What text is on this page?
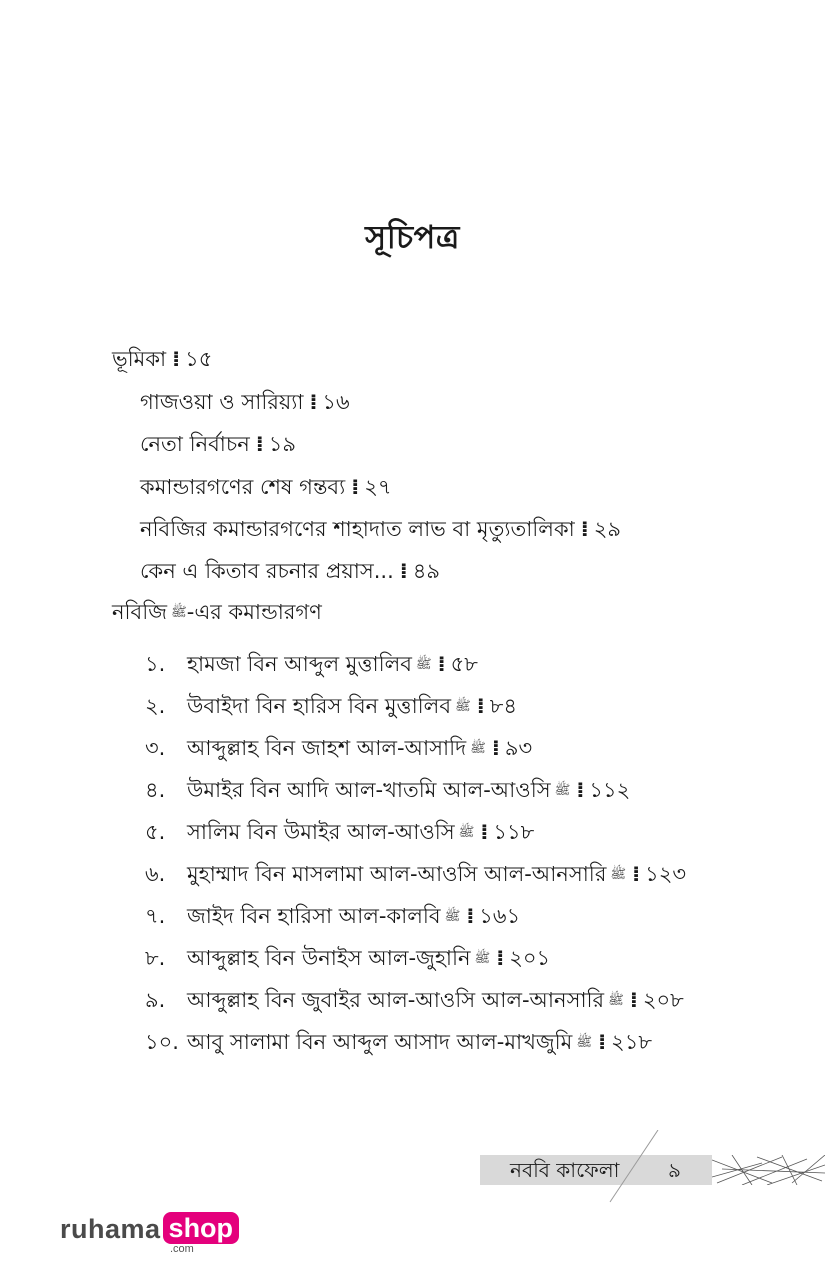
সূচিপত্র
ভূমিকা ⁞ ১৫
গাজওয়া ও সারিয়্যা ⁞ ১৬
নেতা নির্বাচন ⁞ ১৯
কমান্ডারগণের শেষ গন্তব্য ⁞ ২৭
নবিজির কমান্ডারগণের শাহাদাত লাভ বা মৃত্যুতালিকা ⁞ ২৯
কেন এ কিতাব রচনার প্রয়াস... ⁞ ৪৯
নবিজি ﷺ-এর কমান্ডারগণ
১. হামজা বিন আব্দুল মুত্তালিব ﷺ ⁞ ৫৮
২. উবাইদা বিন হারিস বিন মুত্তালিব ﷺ ⁞ ৮৪
৩. আব্দুল্লাহ বিন জাহশ আল-আসাদি ﷺ ⁞ ৯৩
৪. উমাইর বিন আদি আল-খাতমি আল-আওসি ﷺ ⁞ ১১২
৫. সালিম বিন উমাইর আল-আওসি ﷺ ⁞ ১১৮
৬. মুহাম্মাদ বিন মাসলামা আল-আওসি আল-আনসারি ﷺ ⁞ ১২৩
৭. জাইদ বিন হারিসা আল-কালবি ﷺ ⁞ ১৬১
৮. আব্দুল্লাহ বিন উনাইস আল-জুহানি ﷺ ⁞ ২০১
৯. আব্দুল্লাহ বিন জুবাইর আল-আওসি আল-আনসারি ﷺ ⁞ ২০৮
১০. আবু সালামা বিন আব্দুল আসাদ আল-মাখজুমি ﷺ ⁞ ২১৮
নববি কাফেলা ৯
ruhama shop
.com
